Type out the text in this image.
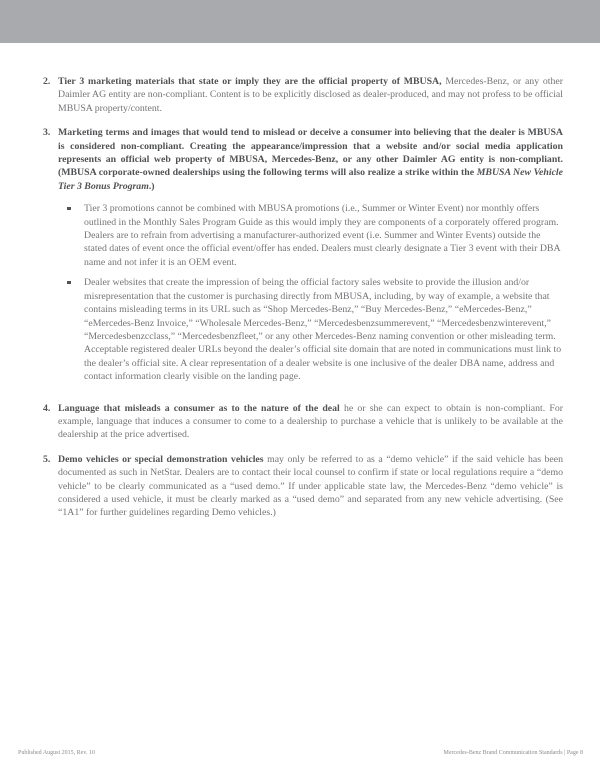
2. Tier 3 marketing materials that state or imply they are the official property of MBUSA, Mercedes-Benz, or any other Daimler AG entity are non-compliant. Content is to be explicitly disclosed as dealer-produced, and may not profess to be official MBUSA property/content.
3. Marketing terms and images that would tend to mislead or deceive a consumer into believing that the dealer is MBUSA is considered non-compliant. Creating the appearance/impression that a website and/or social media application represents an official web property of MBUSA, Mercedes-Benz, or any other Daimler AG entity is non-compliant. (MBUSA corporate-owned dealerships using the following terms will also realize a strike within the MBUSA New Vehicle Tier 3 Bonus Program.)
Tier 3 promotions cannot be combined with MBUSA promotions (i.e., Summer or Winter Event) nor monthly offers outlined in the Monthly Sales Program Guide as this would imply they are components of a corporately offered program. Dealers are to refrain from advertising a manufacturer-authorized event (i.e. Summer and Winter Events) outside the stated dates of event once the official event/offer has ended. Dealers must clearly designate a Tier 3 event with their DBA name and not infer it is an OEM event.
Dealer websites that create the impression of being the official factory sales website to provide the illusion and/or misrepresentation that the customer is purchasing directly from MBUSA, including, by way of example, a website that contains misleading terms in its URL such as “Shop Mercedes-Benz,” “Buy Mercedes-Benz,” “eMercedes-Benz,” “eMercedes-Benz Invoice,” “Wholesale Mercedes-Benz,” “Mercedesbenzsummerevent,” “Mercedesbenzwinterevent,” “Mercedesbenzcclass,” “Mercedesbenzfleet,” or any other Mercedes-Benz naming convention or other misleading term. Acceptable registered dealer URLs beyond the dealer’s official site domain that are noted in communications must link to the dealer’s official site. A clear representation of a dealer website is one inclusive of the dealer DBA name, address and contact information clearly visible on the landing page.
4. Language that misleads a consumer as to the nature of the deal he or she can expect to obtain is non-compliant. For example, language that induces a consumer to come to a dealership to purchase a vehicle that is unlikely to be available at the dealership at the price advertised.
5. Demo vehicles or special demonstration vehicles may only be referred to as a “demo vehicle” if the said vehicle has been documented as such in NetStar. Dealers are to contact their local counsel to confirm if state or local regulations require a “demo vehicle” to be clearly communicated as a “used demo.” If under applicable state law, the Mercedes-Benz “demo vehicle” is considered a used vehicle, it must be clearly marked as a “used demo” and separated from any new vehicle advertising. (See “1A1” for further guidelines regarding Demo vehicles.)
Published August 2015, Rev. 10	Mercedes-Benz Brand Communication Standards | Page 8
